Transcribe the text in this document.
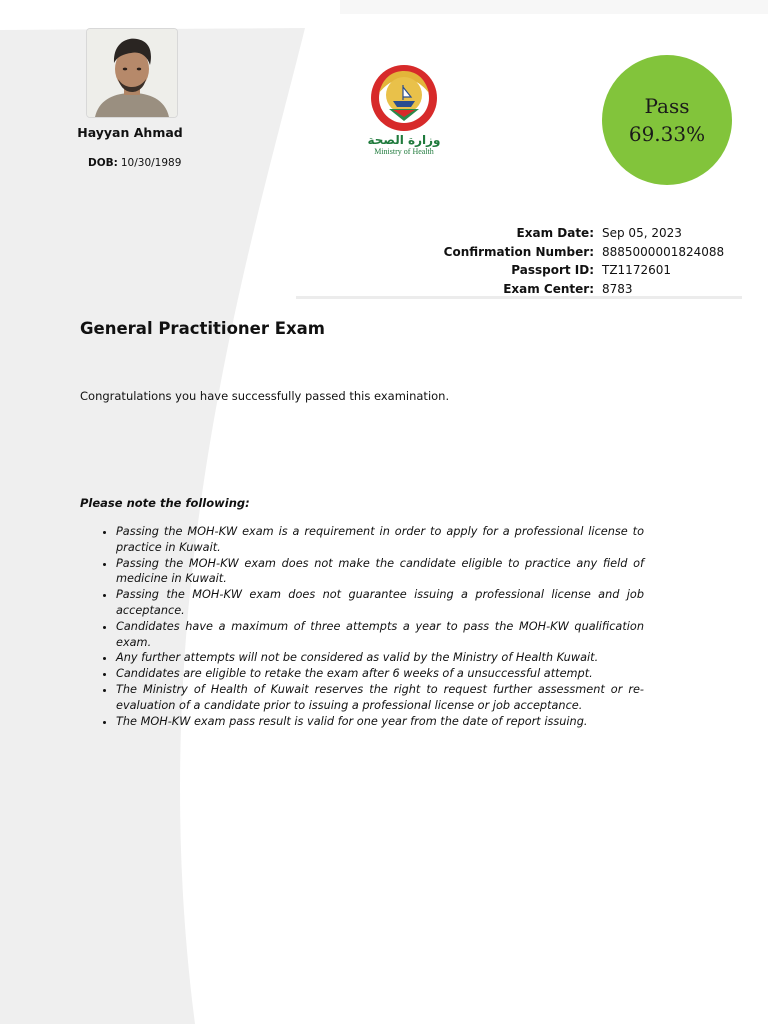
Hayyan Ahmad
DOB: 10/30/1989
وزارة الصحة
Ministry of Health
Pass
69.33%
Exam Date: Sep 05, 2023
Confirmation Number: 8885000001824088
Passport ID: TZ1172601
Exam Center: 8783
General Practitioner Exam
Congratulations you have successfully passed this examination.
Please note the following:
• Passing the MOH-KW exam is a requirement in order to apply for a professional license to practice in Kuwait.
• Passing the MOH-KW exam does not make the candidate eligible to practice any field of medicine in Kuwait.
• Passing the MOH-KW exam does not guarantee issuing a professional license and job acceptance.
• Candidates have a maximum of three attempts a year to pass the MOH-KW qualification exam.
• Any further attempts will not be considered as valid by the Ministry of Health Kuwait.
• Candidates are eligible to retake the exam after 6 weeks of a unsuccessful attempt.
• The Ministry of Health of Kuwait reserves the right to request further assessment or re-evaluation of a candidate prior to issuing a professional license or job acceptance.
• The MOH-KW exam pass result is valid for one year from the date of report issuing.
